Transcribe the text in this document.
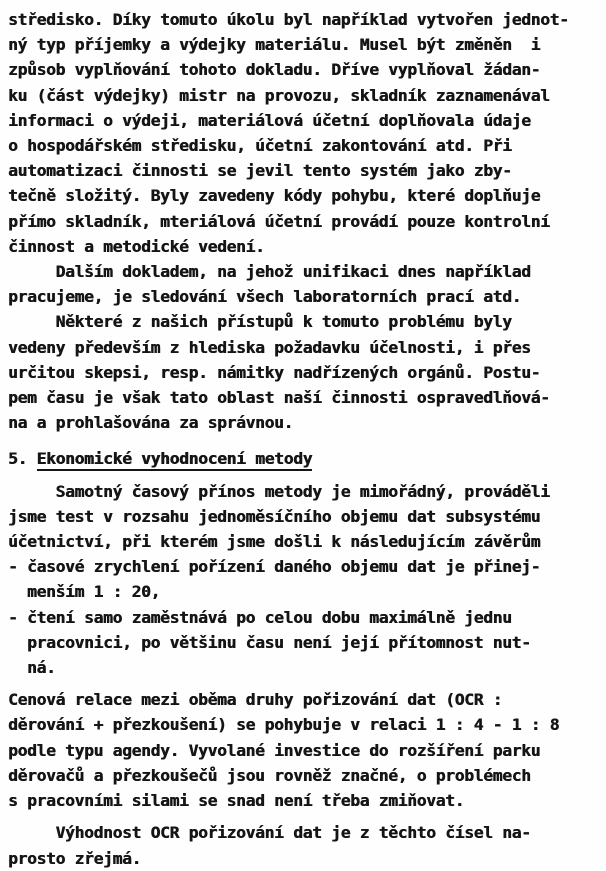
středisko. Díky tomuto úkolu byl například vytvořen jednot-
ný typ příjemky a výdejky materiálu. Musel být změněn  i
způsob vyplňování tohoto dokladu. Dříve vyplňoval žádan-
ku (část výdejky) mistr na provozu, skladník zaznamenával
informaci o výdeji, materiálová účetní doplňovala údaje
o hospodářském středisku, účetní zakontování atd. Při
automatizaci činnosti se jevil tento systém jako zby-
tečně složitý. Byly zavedeny kódy pohybu, které doplňuje
přímo skladník, mteriálová účetní provádí pouze kontrolní
činnost a metodické vedení.
Dalším dokladem, na jehož unifikaci dnes například
pracujeme, je sledování všech laboratorních prací atd.
Některé z našich přístupů k tomuto problému byly
vedeny především z hlediska požadavku účelnosti, i přes
určitou skepsi, resp. námitky nadřízených orgánů. Postu-
pem času je však tato oblast naší činnosti ospravedlňová-
na a prohlašována za správnou.
5. Ekonomické vyhodnocení metody
Samotný časový přínos metody je mimořádný, prováděli
jsme test v rozsahu jednoměsíčního objemu dat subsystému
účetnictví, při kterém jsme došli k následujícím závěrům
- časové zrychlení pořízení daného objemu dat je přinej-
menším 1 : 20,
- čtení samo zaměstnává po celou dobu maximálně jednu
pracovnici, po většinu času není její přítomnost nut-
ná.
Cenová relace mezi oběma druhy pořizování dat (OCR :
děrování + přezkoušení) se pohybuje v relaci 1 : 4 - 1 : 8
podle typu agendy. Vyvolané investice do rozšíření parku
děrovačů a přezkoušečů jsou rovněž značné, o problémech
s pracovními silami se snad není třeba zmiňovat.
Výhodnost OCR pořizování dat je z těchto čísel na-
prosto zřejmá.
